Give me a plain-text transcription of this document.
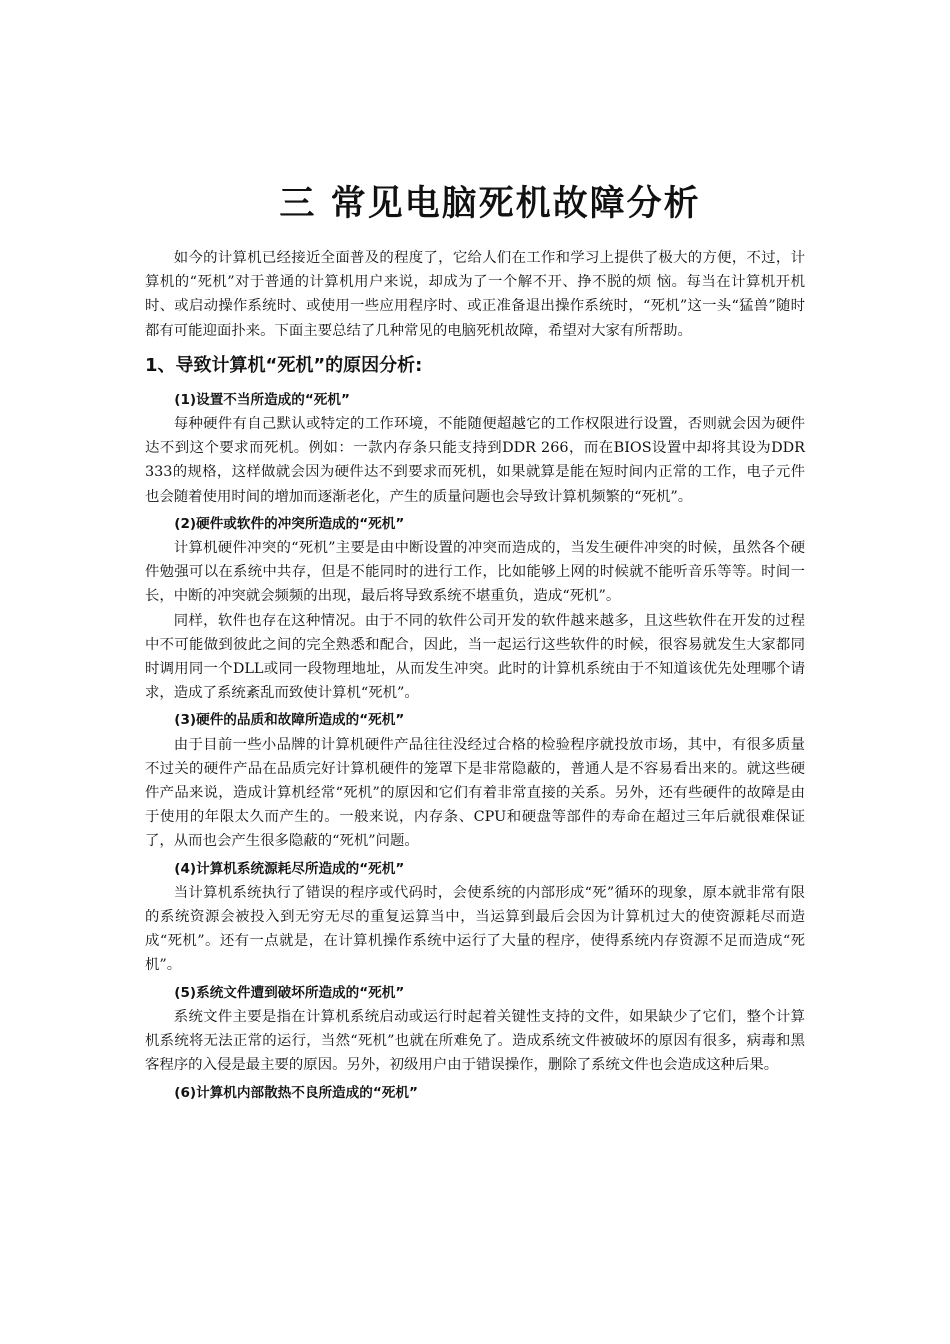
三 常见电脑死机故障分析

如今的计算机已经接近全面普及的程度了，它给人们在工作和学习上提供了极大的方便，不过，计算机的“死机”对于普通的计算机用户来说，却成为了一个解不开、挣不脱的烦 恼。每当在计算机开机时、或启动操作系统时、或使用一些应用程序时、或正准备退出操作系统时，“死机”这一头“猛兽”随时都有可能迎面扑来。下面主要总结了几种常见的电脑死机故障，希望对大家有所帮助。

1、导致计算机“死机”的原因分析:
(1)设置不当所造成的“死机”

每种硬件有自己默认或特定的工作环境，不能随便超越它的工作权限进行设置，否则就会因为硬件达不到这个要求而死机。例如：一款内存条只能支持到DDR 266，而在BIOS设置中却将其设为DDR 333的规格，这样做就会因为硬件达不到要求而死机，如果就算是能在短时间内正常的工作，电子元件也会随着使用时间的增加而逐渐老化，产生的质量问题也会导致计算机频繁的“死机”。

(2)硬件或软件的冲突所造成的“死机”

计算机硬件冲突的“死机”主要是由中断设置的冲突而造成的，当发生硬件冲突的时候，虽然各个硬件勉强可以在系统中共存，但是不能同时的进行工作，比如能够上网的时候就不能听音乐等等。时间一长，中断的冲突就会频频的出现，最后将导致系统不堪重负，造成“死机”。

同样，软件也存在这种情况。由于不同的软件公司开发的软件越来越多，且这些软件在开发的过程中不可能做到彼此之间的完全熟悉和配合，因此，当一起运行这些软件的时候，很容易就发生大家都同时调用同一个DLL或同一段物理地址，从而发生冲突。此时的计算机系统由于不知道该优先处理哪个请求，造成了系统紊乱而致使计算机“死机”。

(3)硬件的品质和故障所造成的“死机”

由于目前一些小品牌的计算机硬件产品往往没经过合格的检验程序就投放市场，其中，有很多质量不过关的硬件产品在品质完好计算机硬件的笼罩下是非常隐蔽的，普通人是不容易看出来的。就这些硬件产品来说，造成计算机经常“死机”的原因和它们有着非常直接的关系。另外，还有些硬件的故障是由于使用的年限太久而产生的。一般来说，内存条、CPU和硬盘等部件的寿命在超过三年后就很难保证了，从而也会产生很多隐蔽的“死机”问题。

(4)计算机系统源耗尽所造成的“死机”

当计算机系统执行了错误的程序或代码时，会使系统的内部形成“死”循环的现象，原本就非常有限的系统资源会被投入到无穷无尽的重复运算当中，当运算到最后会因为计算机过大的使资源耗尽而造成“死机”。还有一点就是，在计算机操作系统中运行了大量的程序，使得系统内存资源不足而造成“死机”。

(5)系统文件遭到破坏所造成的“死机”

系统文件主要是指在计算机系统启动或运行时起着关键性支持的文件，如果缺少了它们，整个计算机系统将无法正常的运行，当然“死机”也就在所难免了。造成系统文件被破坏的原因有很多，病毒和黑客程序的入侵是最主要的原因。另外，初级用户由于错误操作，删除了系统文件也会造成这种后果。

(6)计算机内部散热不良所造成的“死机”
